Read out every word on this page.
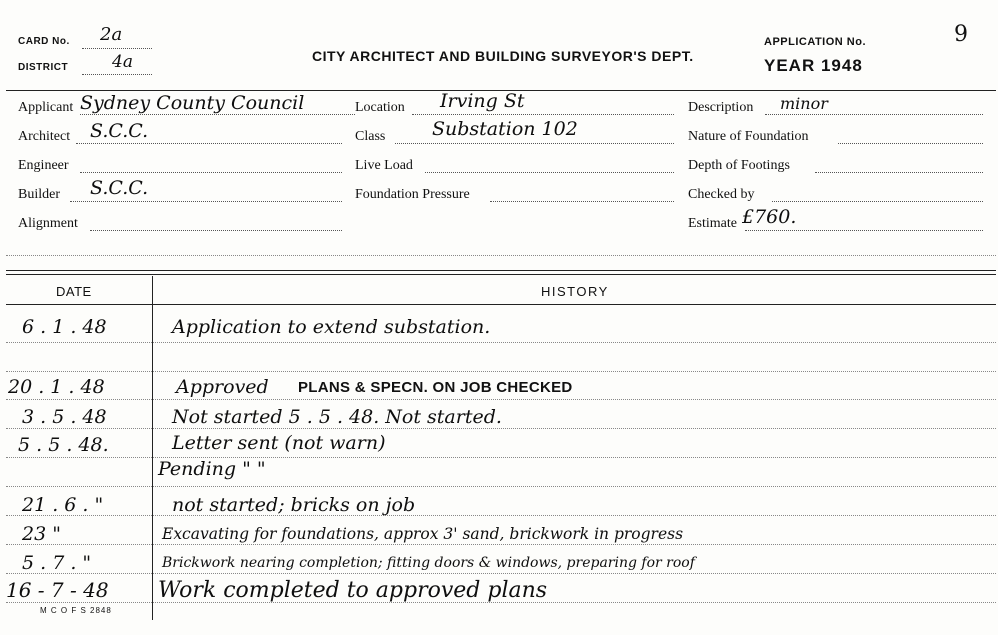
CARD No. 2a
DISTRICT	4a	CITY ARCHITECT AND BUILDING SURVEYOR'S DEPT.
APPLICATION No.	9
YEAR 1948
Applicant Sydney County Council	Location Irving St	Description minor
Architect S.C.C.	Class Substation 102	Nature of Foundation
Engineer	Live Load	Depth of Footings
Builder S.C.C.	Foundation Pressure	Checked by
Alignment	Estimate £760.
DATE	HISTORY
6 . 1 . 48	Application to extend substation.
20 . 1 . 48	Approved PLANS & SPECN. ON JOB CHECKED
3 . 5 . 48	Not started 5 . 5 . 48. Not started.
5 . 5 . 48.	Letter sent (not warn)
Pending " "
21 . 6 . "	not started; bricks on job
23 "	Excavating for foundations, approx 3' sand, brickwork in progress
5 . 7 . "	Brickwork nearing completion; fitting doors & windows, preparing for roof
16 - 7 - 48 Work completed to approved plans
M C O F S 2848
